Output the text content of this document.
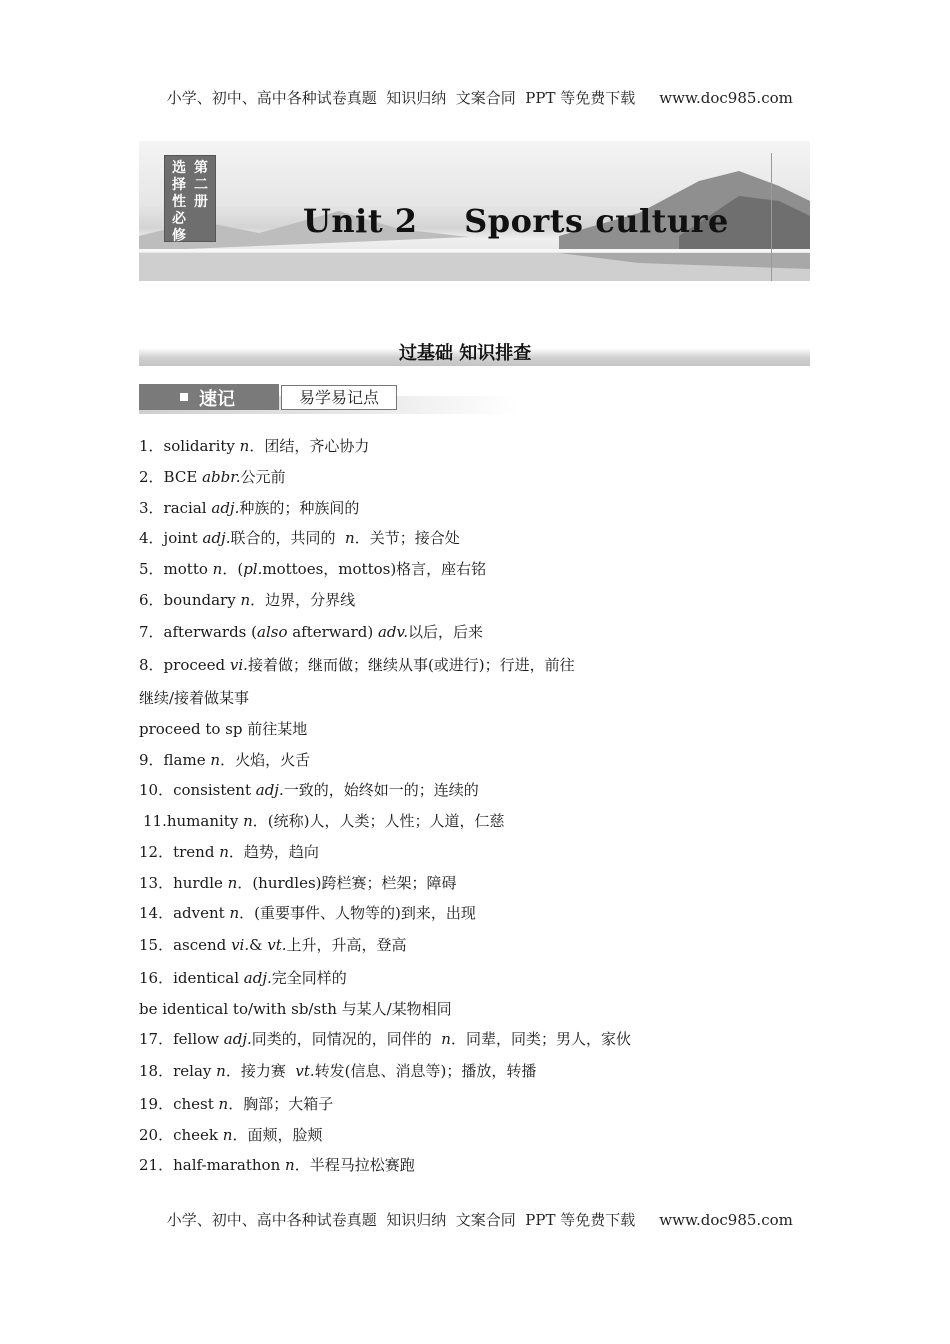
小学、初中、高中各种试卷真题  知识归纳  文案合同  PPT 等免费下载 www.doc985.com

选择性必修
第二册	Unit 2    Sports culture
过基础 知识排查
速记	易学易记点
1．solidarity n．团结，齐心协力
2．BCE abbr.公元前
3．racial adj.种族的；种族间的
4．joint adj.联合的，共同的  n．关节；接合处
5．motto n．(pl.mottoes，mottos)格言，座右铭
6．boundary n．边界，分界线
7．afterwards (also afterward) adv.以后，后来
8．proceed vi.接着做；继而做；继续从事(或进行)；行进，前往
继续/接着做某事
proceed to sp 前往某地
9．flame n．火焰，火舌
10．consistent adj.一致的，始终如一的；连续的
11.humanity n．(统称)人，人类；人性；人道，仁慈
12．trend n．趋势，趋向
13．hurdle n．(hurdles)跨栏赛；栏架；障碍
14．advent n．(重要事件、人物等的)到来，出现
15．ascend vi.& vt.上升，升高，登高
16．identical adj.完全同样的
be identical to/with sb/sth 与某人/某物相同
17．fellow adj.同类的，同情况的，同伴的  n．同辈，同类；男人，家伙
18．relay n．接力赛  vt.转发(信息、消息等)；播放，转播
19．chest n．胸部；大箱子
20．cheek n．面颊，脸颊
21．half-marathon n．半程马拉松赛跑

小学、初中、高中各种试卷真题  知识归纳  文案合同  PPT 等免费下载 www.doc985.com
